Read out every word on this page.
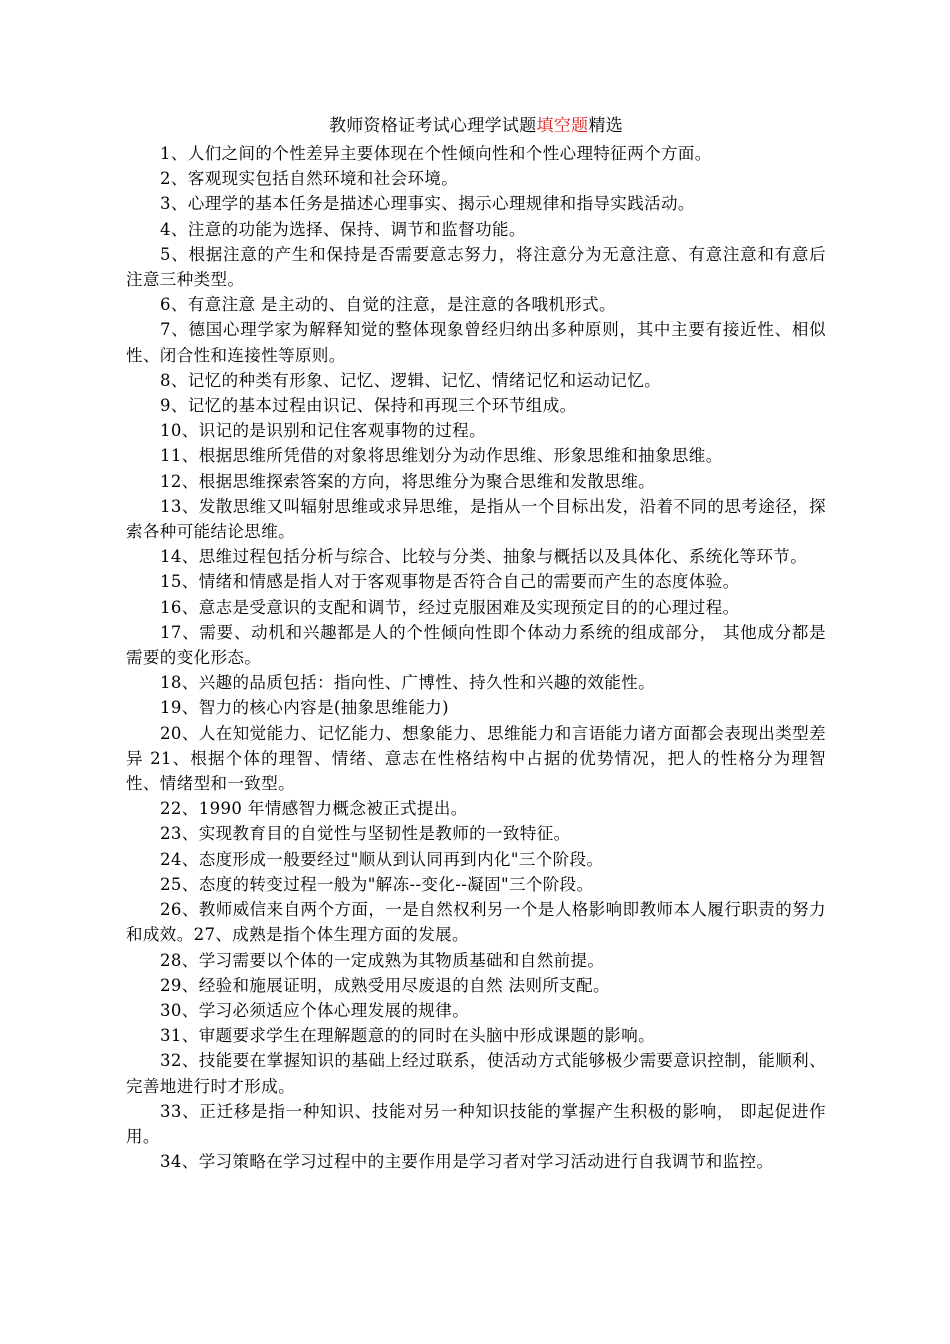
教师资格证考试心理学试题填空题精选

1、人们之间的个性差异主要体现在个性倾向性和个性心理特征两个方面。

2、客观现实包括自然环境和社会环境。

3、心理学的基本任务是描述心理事实、揭示心理规律和指导实践活动。

4、注意的功能为选择、保持、调节和监督功能。

5、根据注意的产生和保持是否需要意志努力，将注意分为无意注意、有意注意和有意后注意三种类型。

6、有意注意 是主动的、自觉的注意，是注意的各哦机形式。

7、德国心理学家为解释知觉的整体现象曾经归纳出多种原则，其中主要有接近性、相似性、闭合性和连接性等原则。

8、记忆的种类有形象、记忆、逻辑、记忆、情绪记忆和运动记忆。

9、记忆的基本过程由识记、保持和再现三个环节组成。

10、识记的是识别和记住客观事物的过程。

11、根据思维所凭借的对象将思维划分为动作思维、形象思维和抽象思维。

12、根据思维探索答案的方向，将思维分为聚合思维和发散思维。

13、发散思维又叫辐射思维或求异思维，是指从一个目标出发，沿着不同的思考途径，探索各种可能结论思维。

14、思维过程包括分析与综合、比较与分类、抽象与概括以及具体化、系统化等环节。

15、情绪和情感是指人对于客观事物是否符合自己的需要而产生的态度体验。

16、意志是受意识的支配和调节，经过克服困难及实现预定目的的心理过程。

17、需要、动机和兴趣都是人的个性倾向性即个体动力系统的组成部分， 其他成分都是需要的变化形态。

18、兴趣的品质包括：指向性、广博性、持久性和兴趣的效能性。

19、智力的核心内容是(抽象思维能力)

20、人在知觉能力、记忆能力、想象能力、思维能力和言语能力诸方面都会表现出类型差异 21、根据个体的理智、情绪、意志在性格结构中占据的优势情况，把人的性格分为理智性、情绪型和一致型。

22、1990 年情感智力概念被正式提出。

23、实现教育目的自觉性与坚韧性是教师的一致特征。

24、态度形成一般要经过"顺从到认同再到内化"三个阶段。

25、态度的转变过程一般为"解冻--变化--凝固"三个阶段。

26、教师威信来自两个方面，一是自然权利另一个是人格影响即教师本人履行职责的努力和成效。27、成熟是指个体生理方面的发展。

28、学习需要以个体的一定成熟为其物质基础和自然前提。

29、经验和施展证明，成熟受用尽废退的自然 法则所支配。

30、学习必须适应个体心理发展的规律。

31、审题要求学生在理解题意的的同时在头脑中形成课题的影响。

32、技能要在掌握知识的基础上经过联系，使活动方式能够极少需要意识控制，能顺利、完善地进行时才形成。

33、正迁移是指一种知识、技能对另一种知识技能的掌握产生积极的影响， 即起促进作用。

34、学习策略在学习过程中的主要作用是学习者对学习活动进行自我调节和监控。
